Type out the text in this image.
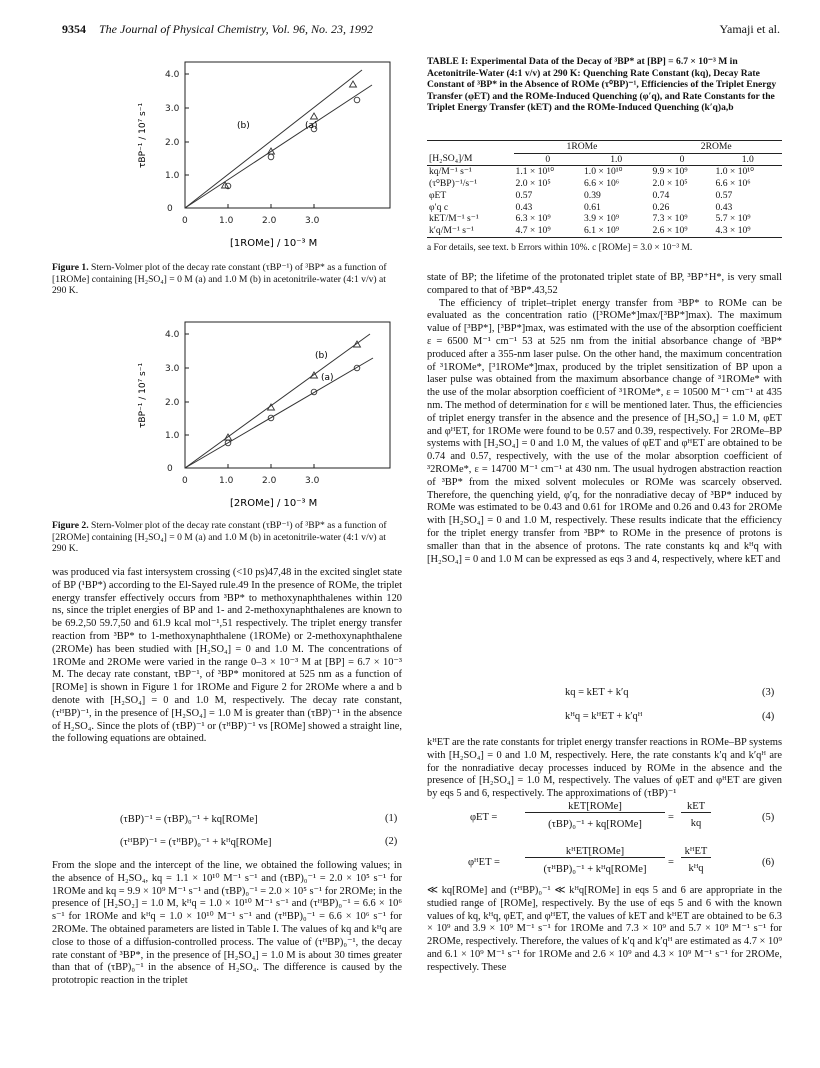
9354 The Journal of Physical Chemistry, Vol. 96, No. 23, 1992	Yamaji et al.
0
1.0
2.0
3.0
4.0
0	1.0	2.0	3.0
(b)	(a)
τBP⁻¹ / 10⁷ s⁻¹
[1ROMe] / 10⁻³ M
Figure 1. Stern-Volmer plot of the decay rate constant (τBP⁻¹) of ³BP* as a function of [1ROMe] containing [H₂SO₄] = 0 M (a) and 1.0 M (b) in acetonitrile-water (4:1 v/v) at 290 K.
0
1.0
2.0
3.0
4.0
0	1.0	2.0	3.0
(b)
(a)
τBP⁻¹ / 10⁷ s⁻¹
[2ROMe] / 10⁻³ M
Figure 2. Stern-Volmer plot of the decay rate constant (τBP⁻¹) of ³BP* as a function of [2ROMe] containing [H₂SO₄] = 0 M (a) and 1.0 M (b) in acetonitrile-water (4:1 v/v) at 290 K.

was produced via fast intersystem crossing (<10 ps)47,48 in the excited singlet state of BP (¹BP*) according to the El-Sayed rule.49 In the presence of ROMe, the triplet energy transfer effectively occurs from ³BP* to methoxynaphthalenes within 120 ns, since the triplet energies of BP and 1- and 2-methoxynaphthalenes are known to be 69.2,50 59.7,50 and 61.9 kcal mol⁻¹,51 respectively. The triplet energy transfer reaction from ³BP* to 1-methoxynaphthalene (1ROMe) or 2-methoxynaphthalene (2ROMe) has been studied with [H₂SO₄] = 0 and 1.0 M. The concentrations of 1ROMe and 2ROMe were varied in the range 0–3 × 10⁻³ M at [BP] = 6.7 × 10⁻³ M. The decay rate constant, τBP⁻¹, of ³BP* monitored at 525 nm as a function of [ROMe] is shown in Figure 1 for 1ROMe and Figure 2 for 2ROMe where a and b denote with [H₂SO₄] = 0 and 1.0 M, respectively. The decay rate constant, (τᴴBP)⁻¹, in the presence of [H₂SO₄] = 1.0 M is greater than (τBP)⁻¹ in the absence of H₂SO₄. Since the plots of (τBP)⁻¹ or (τᴴBP)⁻¹ vs [ROMe] showed a straight line, the following equations are obtained.

(τBP)⁻¹ = (τBP)₀⁻¹ + kq[ROMe]	(1)
(τᴴBP)⁻¹ = (τᴴBP)₀⁻¹ + kᴴq[ROMe]	(2)

From the slope and the intercept of the line, we obtained the following values; in the absence of H₂SO₄, kq = 1.1 × 10¹⁰ M⁻¹ s⁻¹ and (τBP)₀⁻¹ = 2.0 × 10⁵ s⁻¹ for 1ROMe and kq = 9.9 × 10⁹ M⁻¹ s⁻¹ and (τBP)₀⁻¹ = 2.0 × 10⁵ s⁻¹ for 2ROMe; in the presence of [H₂SO₂] = 1.0 M, kᴴq = 1.0 × 10¹⁰ M⁻¹ s⁻¹ and (τᴴBP)₀⁻¹ = 6.6 × 10⁶ s⁻¹ for 1ROMe and kᴴq = 1.0 × 10¹⁰ M⁻¹ s⁻¹ and (τᴴBP)₀⁻¹ = 6.6 × 10⁶ s⁻¹ for 2ROMe. The obtained parameters are listed in Table I. The values of kq and kᴴq are close to those of a diffusion-controlled process. The value of (τᴴBP)₀⁻¹, the decay rate constant of ³BP*, in the presence of [H₂SO₄] = 1.0 M is about 30 times greater than that of (τBP)₀⁻¹ in the absence of H₂SO₄. The difference is caused by the prototropic reaction in the triplet

TABLE I: Experimental Data of the Decay of ³BP* at [BP] = 6.7 × 10⁻³ M in Acetonitrile-Water (4:1 v/v) at 290 K: Quenching Rate Constant (kq), Decay Rate Constant of ³BP* in the Absence of ROMe (τ⁰BP)⁻¹, Efficiencies of the Triplet Energy Transfer (φET) and the ROMe-Induced Quenching (φ′q), and Rate Constants for the Triplet Energy Transfer (kET) and the ROMe-Induced Quenching (k′q)a,b
	1ROMe		2ROMe	
[H₂SO₄]/M	0	1.0	0	1.0
kq/M⁻¹ s⁻¹	1.1 × 10¹⁰	1.0 × 10¹⁰	9.9 × 10⁹	1.0 × 10¹⁰
(τ⁰BP)⁻¹/s⁻¹	2.0 × 10⁵	6.6 × 10⁶	2.0 × 10⁵	6.6 × 10⁶
φET	0.57	0.39	0.74	0.57
φ′q c	0.43	0.61	0.26	0.43
kET/M⁻¹ s⁻¹	6.3 × 10⁹	3.9 × 10⁹	7.3 × 10⁹	5.7 × 10⁹
k′q/M⁻¹ s⁻¹	4.7 × 10⁹	6.1 × 10⁹	2.6 × 10⁹	4.3 × 10⁹
a For details, see text. b Errors within 10%. c [ROMe] = 3.0 × 10⁻³ M.

state of BP; the lifetime of the protonated triplet state of BP, ³BP⁺H*, is very small compared to that of ³BP*.43,52

The efficiency of triplet–triplet energy transfer from ³BP* to ROMe can be evaluated as the concentration ratio ([³ROMe*]max/[³BP*]max). The maximum value of [³BP*], [³BP*]max, was estimated with the use of the absorption coefficient ε = 6500 M⁻¹ cm⁻¹ 53 at 525 nm from the initial absorbance change of ³BP* produced after a 355-nm laser pulse. On the other hand, the maximum concentration of ³1ROMe*, [³1ROMe*]max, produced by the triplet sensitization of BP upon a laser pulse was obtained from the maximum absorbance change of ³1ROMe* with the use of the molar absorption coefficient of ³1ROMe*, ε = 10500 M⁻¹ cm⁻¹ at 435 nm. The method of determination for ε will be mentioned later. Thus, the efficiencies of triplet energy transfer in the absence and the presence of [H₂SO₄] = 1.0 M, φET and φᴴET, for 1ROMe were found to be 0.57 and 0.39, respectively. For 2ROMe–BP systems with [H₂SO₄] = 0 and 1.0 M, the values of φET and φᴴET are obtained to be 0.74 and 0.57, respectively, with the use of the molar absorption coefficient of ³2ROMe*, ε = 14700 M⁻¹ cm⁻¹ at 430 nm. The usual hydrogen abstraction reaction of ³BP* from the mixed solvent molecules or ROMe was scarcely observed. Therefore, the quenching yield, φ′q, for the nonradiative decay of ³BP* induced by ROMe was estimated to be 0.43 and 0.61 for 1ROMe and 0.26 and 0.43 for 2ROMe with [H₂SO₄] = 0 and 1.0 M, respectively. These results indicate that the efficiency for the triplet energy transfer from ³BP* to ROMe in the presence of protons is smaller than that in the absence of protons. The rate constants kq and kᴴq with [H₂SO₄] = 0 and 1.0 M can be expressed as eqs 3 and 4, respectively, where kET and

kq = kET + k′q	(3)
kᴴq = kᴴET + k′qᴴ	(4)

kᴴET are the rate constants for triplet energy transfer reactions in ROMe–BP systems with [H₂SO₄] = 0 and 1.0 M, respectively. Here, the rate constants k′q and k′qᴴ are for the nonradiative decay processes induced by ROMe in the absence and the presence of [H₂SO₄] = 1.0 M, respectively. The values of φET and φᴴET are given by eqs 5 and 6, respectively. The approximations of (τBP)⁻¹

φET =
kET[ROMe]
(τBP)₀⁻¹ + kq[ROMe]
=
kET
kq
(5)
φᴴET =
kᴴET[ROMe]
(τᴴBP)₀⁻¹ + kᴴq[ROMe]
=
kᴴET
kᴴq
(6)

≪ kq[ROMe] and (τᴴBP)₀⁻¹ ≪ kᴴq[ROMe] in eqs 5 and 6 are appropriate in the studied range of [ROMe], respectively. By the use of eqs 5 and 6 with the known values of kq, kᴴq, φET, and φᴴET, the values of kET and kᴴET are obtained to be 6.3 × 10⁹ and 3.9 × 10⁹ M⁻¹ s⁻¹ for 1ROMe and 7.3 × 10⁹ and 5.7 × 10⁹ M⁻¹ s⁻¹ for 2ROMe, respectively. Therefore, the values of k′q and k′qᴴ are estimated as 4.7 × 10⁹ and 6.1 × 10⁹ M⁻¹ s⁻¹ for 1ROMe and 2.6 × 10⁹ and 4.3 × 10⁹ M⁻¹ s⁻¹ for 2ROMe, respectively. These
